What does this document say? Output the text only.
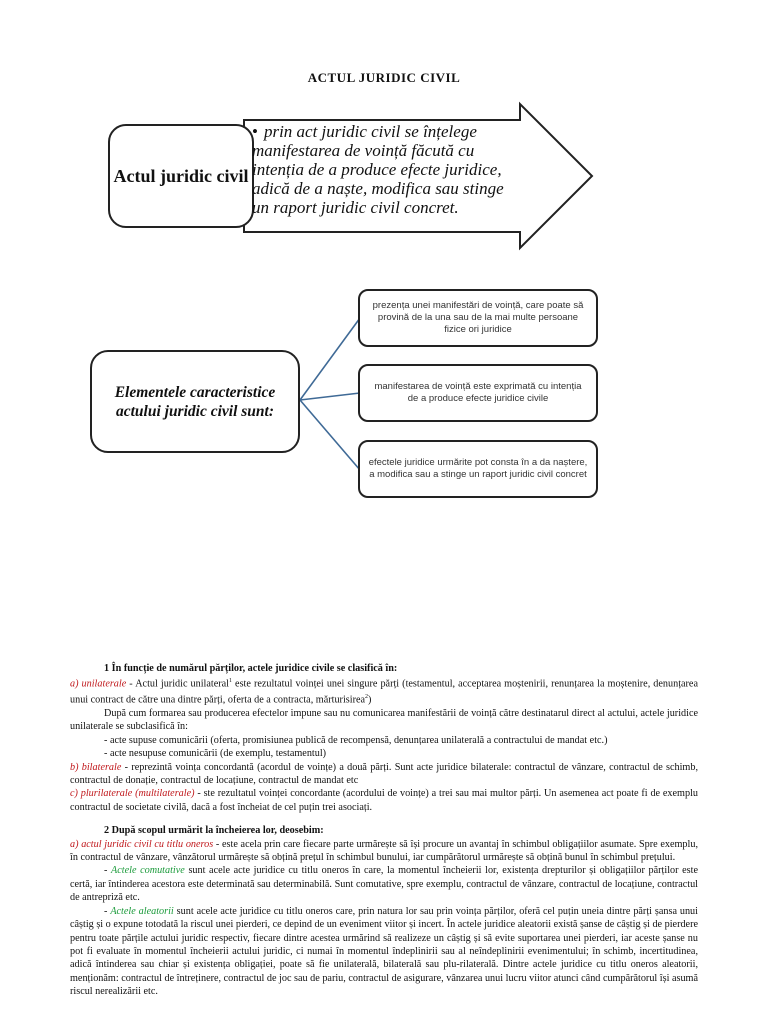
ACTUL JURIDIC CIVIL
Actul juridic civil
• prin act juridic civil se înțelege manifestarea de voință făcută cu intenția de a produce efecte juridice, adică de a naște, modifica sau stinge un raport juridic civil concret.
Elementele caracteristice actului juridic civil sunt:
prezența unei manifestări de voință, care poate să provină de la una sau de la mai multe persoane fizice ori juridice
manifestarea de voință este exprimată cu intenția de a produce efecte juridice civile
efectele juridice urmărite pot consta în a da naștere, a modifica sau a stinge un raport juridic civil concret

1 În funcție de numărul părților, actele juridice civile se clasifică în:

a) unilaterale - Actul juridic unilateral$^1$ este rezultatul voinței unei singure părți (testamentul, acceptarea moștenirii, renunțarea la moștenire, denunțarea unui contract de către una dintre părți, oferta de a contracta, mărturisirea$^2$)

După cum formarea sau producerea efectelor impune sau nu comunicarea manifestării de voință către destinatarul direct al actului, actele juridice unilaterale se subclasifică în:

- acte supuse comunicării (oferta, promisiunea publică de recompensă, denunțarea unilaterală a contractului de mandat etc.)

- acte nesupuse comunicării (de exemplu, testamentul)

b) bilaterale - reprezintă voința concordantă (acordul de voințe) a două părți. Sunt acte juridice bilaterale: contractul de vânzare, contractul de schimb, contractul de donație, contractul de locațiune, contractul de mandat etc

c) plurilaterale (multilaterale) - ste rezultatul voinței concordante (acordului de voințe) a trei sau mai multor părți. Un asemenea act poate fi de exemplu contractul de societate civilă, dacă a fost încheiat de cel puțin trei asociați.

2 După scopul urmărit la încheierea lor, deosebim:

a) actul juridic civil cu titlu oneros - este acela prin care fiecare parte urmărește să își procure un avantaj în schimbul obligațiilor asumate. Spre exemplu, în contractul de vânzare, vânzătorul urmărește să obțină prețul în schimbul bunului, iar cumpărătorul urmărește să obțină bunul în schimbul prețului.

- Actele comutative sunt acele acte juridice cu titlu oneros în care, la momentul încheierii lor, existența drepturilor și obligațiilor părților este certă, iar întinderea acestora este determinată sau determinabilă. Sunt comutative, spre exemplu, contractul de vânzare, contractul de locațiune, contractul de antrepriză etc.

- Actele aleatorii sunt acele acte juridice cu titlu oneros care, prin natura lor sau prin voința părților, oferă cel puțin uneia dintre părți șansa unui câștig și o expune totodată la riscul unei pierderi, ce depind de un eveniment viitor și incert. În actele juridice aleatorii există șanse de câștig și de pierdere pentru toate părțile actului juridic respectiv, fiecare dintre acestea urmărind să realizeze un câștig și să evite suportarea unei pierderi, iar aceste șanse nu pot fi evaluate în momentul încheierii actului juridic, ci numai în momentul îndeplinirii sau al neîndeplinirii evenimentului; în schimb, incertitudinea, adică întinderea sau chiar și existența obligației, poate să fie unilaterală, bilaterală sau plu-rilaterală. Dintre actele juridice cu titlu oneros aleatorii, menționăm: contractul de întreținere, contractul de joc sau de pariu, contractul de asigurare, vânzarea unui lucru viitor atunci când cumpărătorul își asumă riscul nerealizării etc.
